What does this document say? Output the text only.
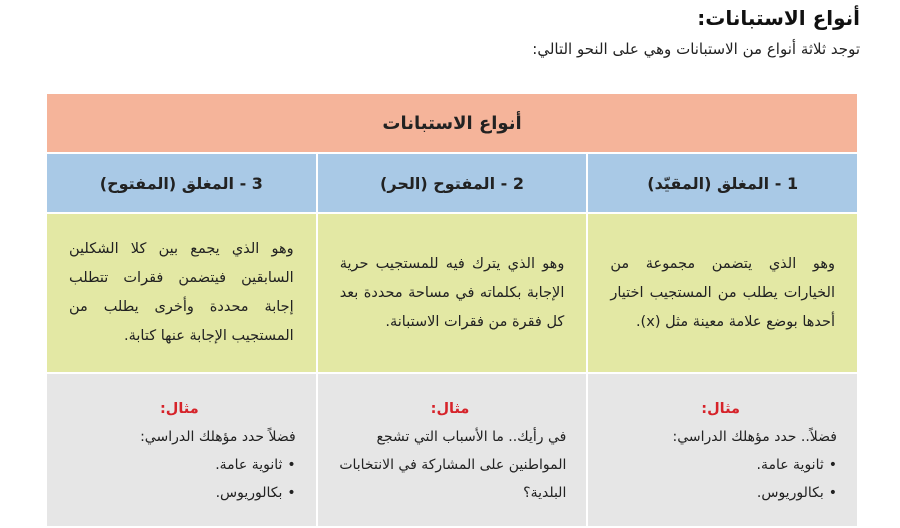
أنواع الاستبانات:

توجد ثلاثة أنواع من الاستبانات وهي على النحو التالي:

أنواع الاستبانات		
1 - المغلق (المقيّد)	2 - المفتوح (الحر)	3 - المغلق (المفتوح)
وهو الذي يتضمن مجموعة من الخيارات يطلب من المستجيب اختيار أحدها بوضع علامة معينة مثل (x).	وهو الذي يترك فيه للمستجيب حرية الإجابة بكلماته في مساحة محددة بعد كل فقرة من فقرات الاستبانة.	وهو الذي يجمع بين كلا الشكلين السابقين فيتضمن فقرات تتطلب إجابة محددة وأخرى يطلب من المستجيب الإجابة عنها كتابة.

مثال:
فضلاً.. حدد مؤهلك الدراسي:
•ثانوية عامة.
•بكالوريوس.	مثال:
في رأيك.. ما الأسباب التي تشجع المواطنين على المشاركة في الانتخابات البلدية؟	مثال:
فضلاً حدد مؤهلك الدراسي:
•ثانوية عامة.
•بكالوريوس.
